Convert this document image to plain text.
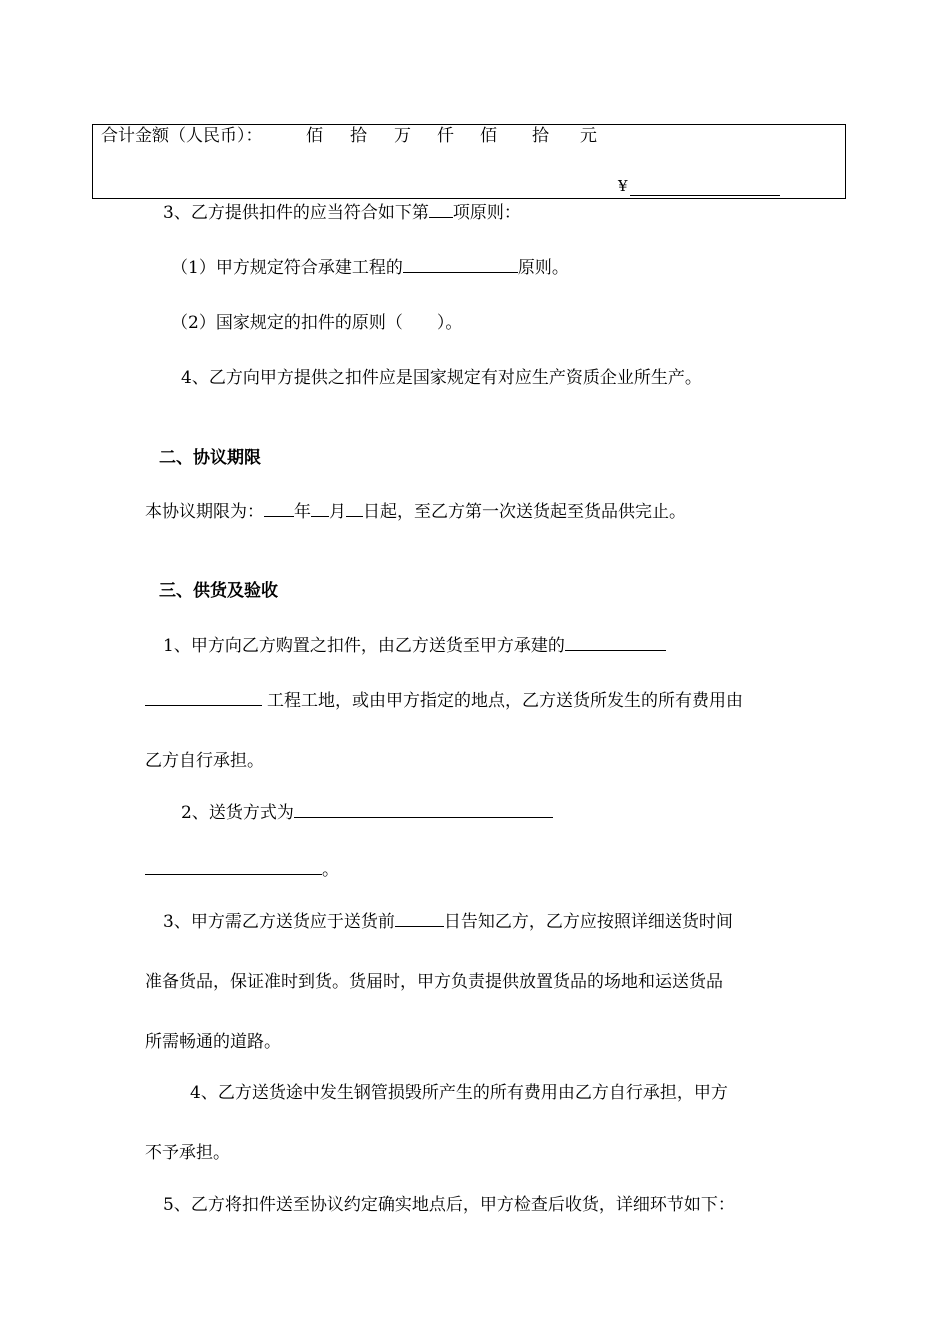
合计金额（人民币）：	佰 拾 万 仟 佰 拾 元
¥
3、乙方提供扣件的应当符合如下第 项原则：
（1）甲方规定符合承建工程的	原则。
（2）国家规定的扣件的原则（　　）。
4、乙方向甲方提供之扣件应是国家规定有对应生产资质企业所生产。
二、协议期限
本协议期限为： 年 月 日起，至乙方第一次送货起至货品供完止。
三、供货及验收
1、甲方向乙方购置之扣件，由乙方送货至甲方承建的
工程工地，或由甲方指定的地点，乙方送货所发生的所有费用由
乙方自行承担。
2、送货方式为
。
3、甲方需乙方送货应于送货前	日告知乙方，乙方应按照详细送货时间
准备货品，保证准时到货。货届时，甲方负责提供放置货品的场地和运送货品
所需畅通的道路。
4、乙方送货途中发生钢管损毁所产生的所有费用由乙方自行承担，甲方
不予承担。
5、乙方将扣件送至协议约定确实地点后，甲方检查后收货，详细环节如下：
